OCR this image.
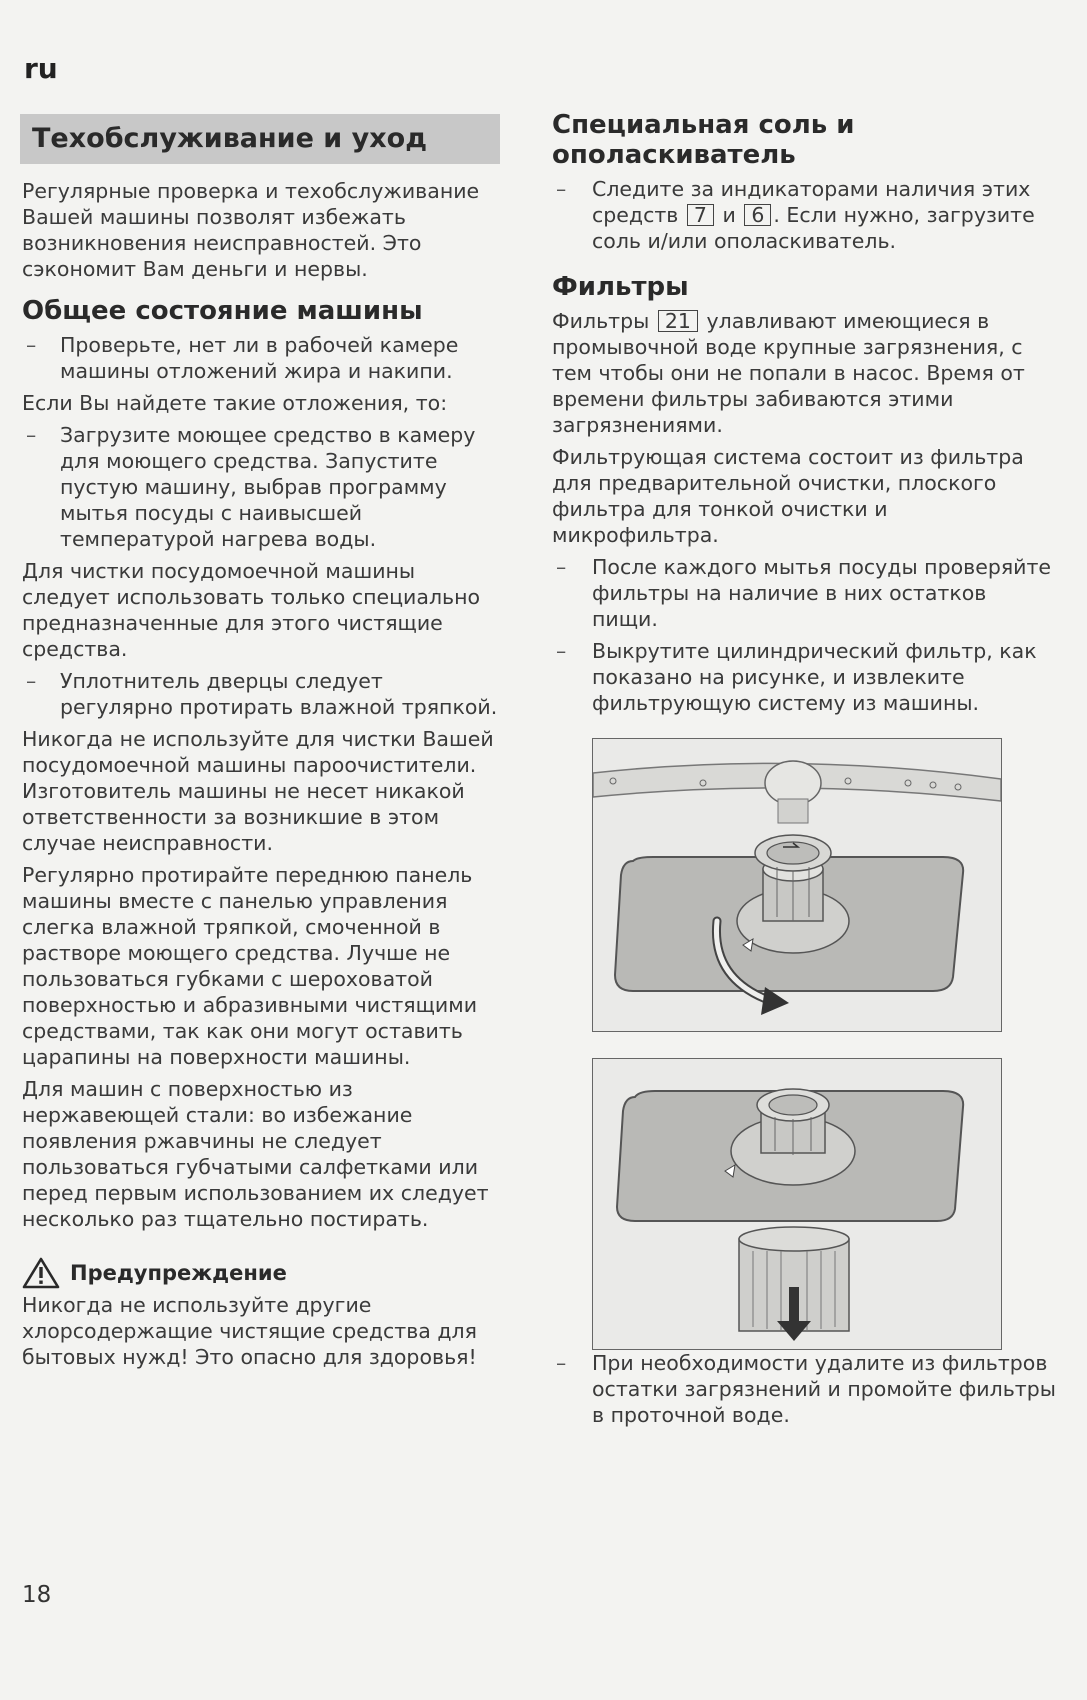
ru
Техобслуживание и уход

Регулярные проверка и техобслуживание Вашей машины позволят избежать возникновения неисправностей. Это сэкономит Вам деньги и нервы.

Общее состояние машины
– Проверьте, нет ли в рабочей камере машины отложений жира и накипи.

Если Вы найдете такие отложения, то:

– Загрузите моющее средство в камеру для моющего средства. Запустите пустую машину, выбрав программу мытья посуды с наивысшей температурой нагрева воды.

Для чистки посудомоечной машины следует использовать только специально предназначенные для этого чистящие средства.

– Уплотнитель дверцы следует регулярно протирать влажной тряпкой.

Никогда не используйте для чистки Вашей посудомоечной машины пароочистители. Изготовитель машины не несет никакой ответственности за возникшие в этом случае неисправности.

Регулярно протирайте переднюю панель машины вместе с панелью управления слегка влажной тряпкой, смоченной в растворе моющего средства. Лучше не пользоваться губками с шероховатой поверхностью и абразивными чистящими средствами, так как они могут оставить царапины на поверхности машины.

Для машин с поверхностью из нержавеющей стали: во избежание появления ржавчины не следует пользоваться губчатыми салфетками или перед первым использованием их следует несколько раз тщательно постирать.

Предупреждение

Никогда не используйте другие хлорсодержащие чистящие средства для бытовых нужд! Это опасно для здоровья!

Специальная соль и ополаскиватель
– Следите за индикаторами наличия этих средств 7 и 6 . Если нужно, загрузите соль и/или ополаскиватель.
Фильтры

Фильтры 21 улавливают имеющиеся в промывочной воде крупные загрязнения, с тем чтобы они не попали в насос. Время от времени фильтры забиваются этими загрязнениями.

Фильтрующая система состоит из фильтра для предварительной очистки, плоского фильтра для тонкой очистки и микрофильтра.

– После каждого мытья посуды проверяйте фильтры на наличие в них остатков пищи.
– Выкрутите цилиндрический фильтр, как показано на рисунке, и извлеките фильтрующую систему из машины.
– При необходимости удалите из фильтров остатки загрязнений и промойте фильтры в проточной воде.
18
